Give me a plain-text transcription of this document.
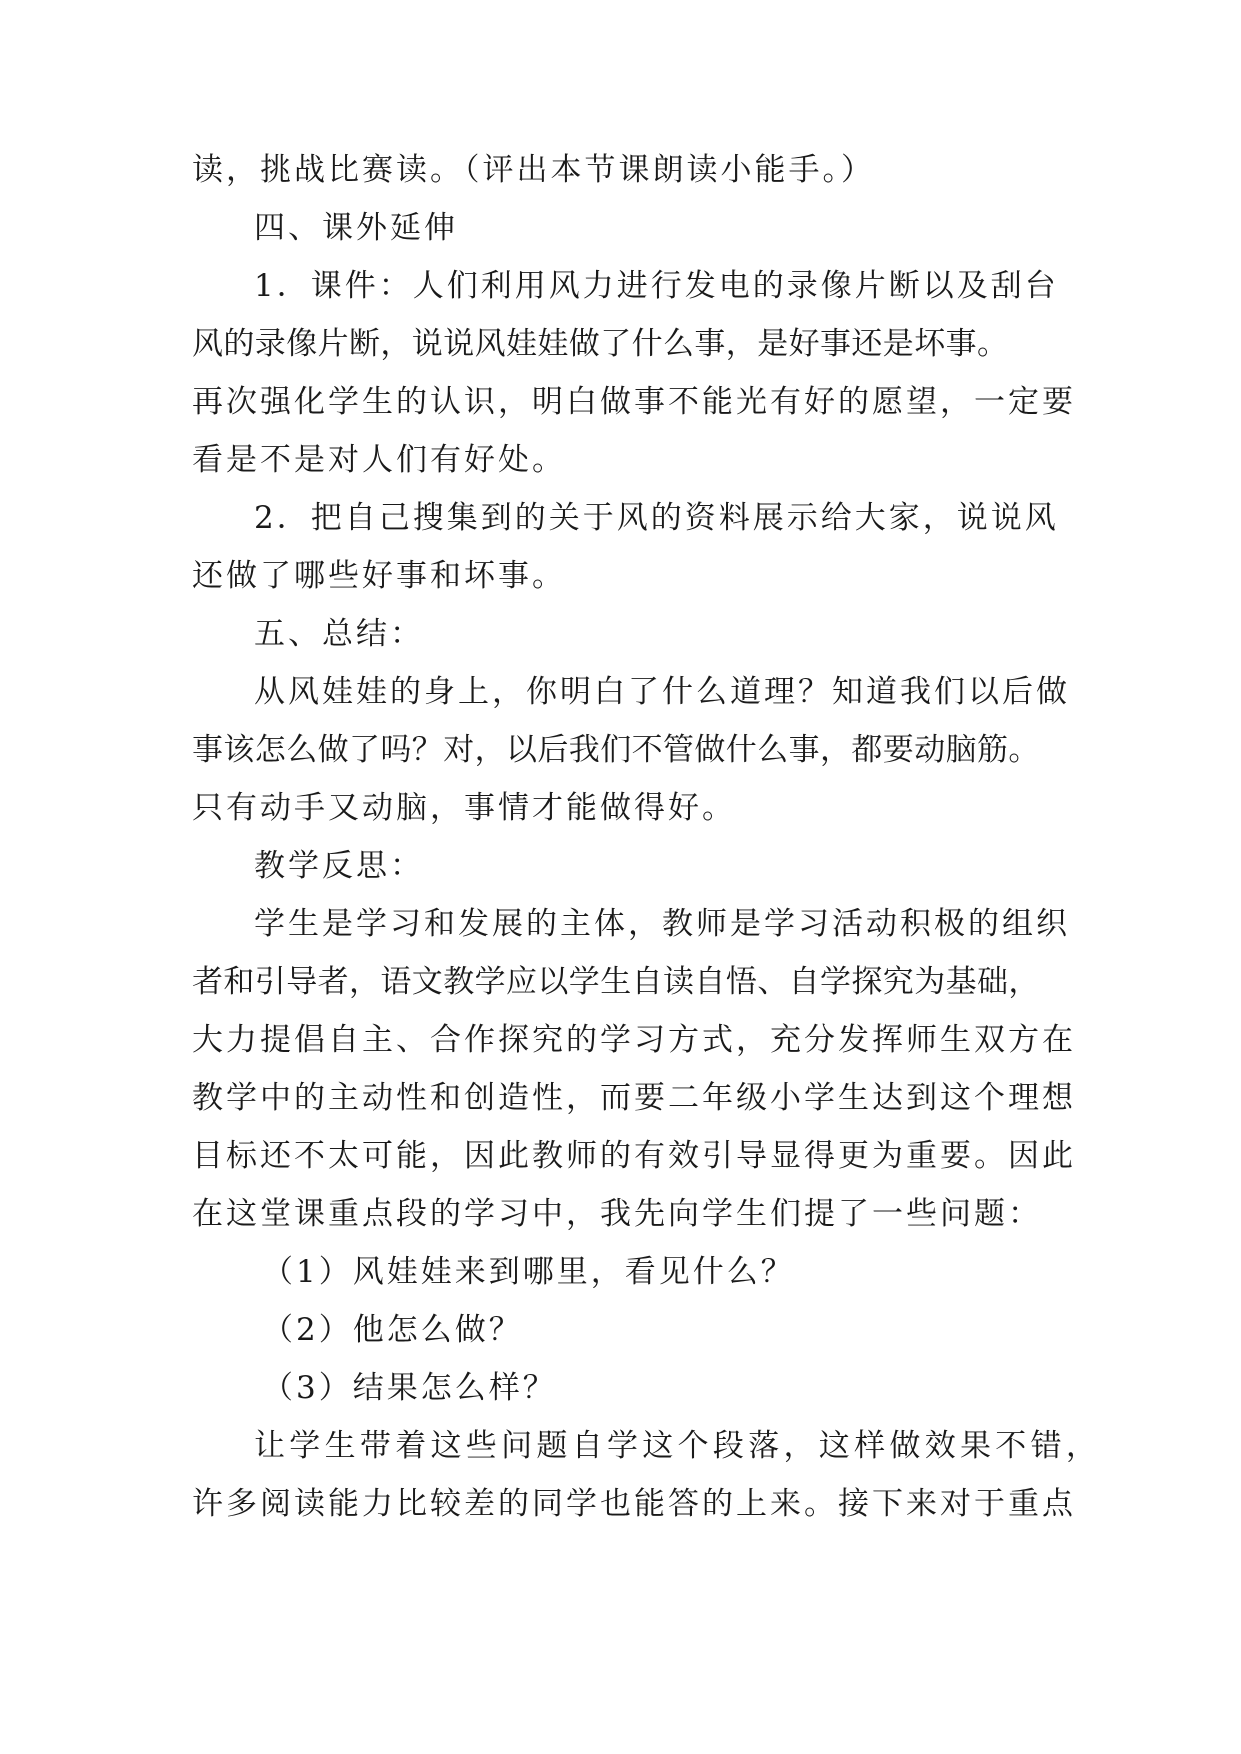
读，挑战比赛读。（评出本节课朗读小能手。）
四、课外延伸
1．课件：人们利用风力进行发电的录像片断以及刮台
风的录像片断，说说风娃娃做了什么事，是好事还是坏事。
再次强化学生的认识，明白做事不能光有好的愿望，一定要
看是不是对人们有好处。
2．把自己搜集到的关于风的资料展示给大家，说说风
还做了哪些好事和坏事。
五、总结：
从风娃娃的身上，你明白了什么道理？知道我们以后做
事该怎么做了吗？对，以后我们不管做什么事，都要动脑筋。
只有动手又动脑，事情才能做得好。
教学反思：
学生是学习和发展的主体，教师是学习活动积极的组织
者和引导者，语文教学应以学生自读自悟、自学探究为基础，
大力提倡自主、合作探究的学习方式，充分发挥师生双方在
教学中的主动性和创造性，而要二年级小学生达到这个理想
目标还不太可能，因此教师的有效引导显得更为重要。因此
在这堂课重点段的学习中，我先向学生们提了一些问题：
（1）风娃娃来到哪里，看见什么？
（2）他怎么做？
（3）结果怎么样？
让学生带着这些问题自学这个段落，这样做效果不错，
许多阅读能力比较差的同学也能答的上来。接下来对于重点
